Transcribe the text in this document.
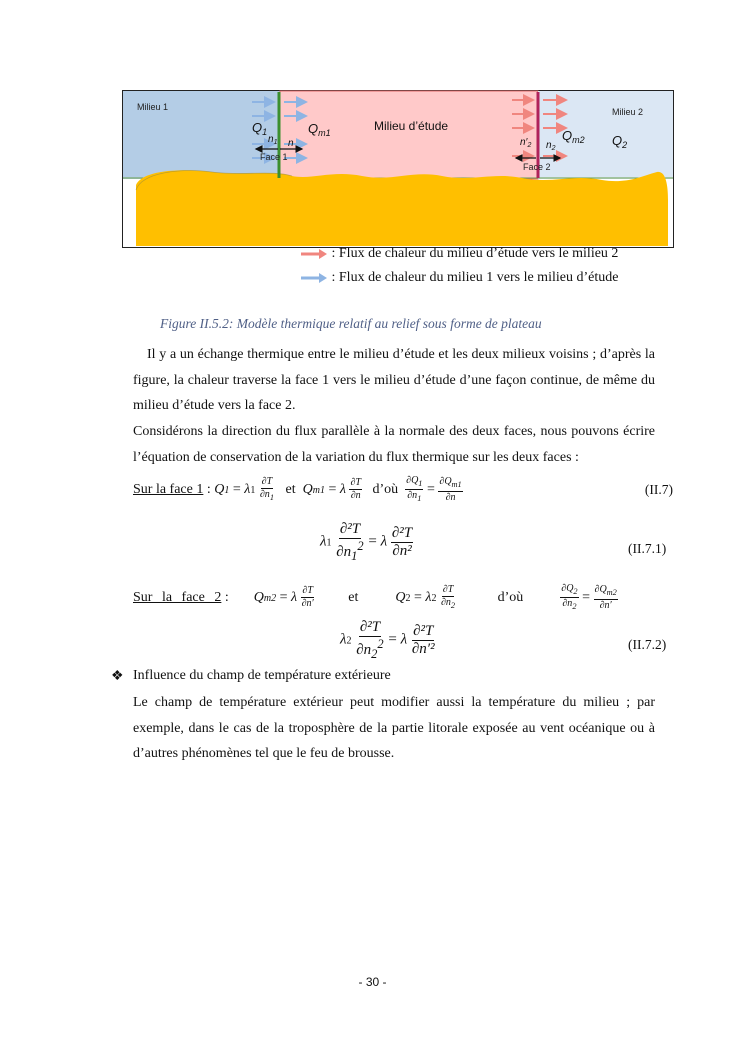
Milieu 1	Milieu 2
Milieu d’étude
Face 1
Face 2
$Q_1$	$Q_{m1}$	$Q_{m2}$ $Q_2$
$n_1$ n	$n'_2$ $n_2$
: Flux de chaleur du milieu d’étude vers le milieu 2
: Flux de chaleur du milieu 1 vers le milieu d’étude
Figure II.5.2: Modèle thermique relatif au relief sous forme de plateau
Il y a un échange thermique entre le milieu d’étude et les deux milieux voisins ; d’après la figure, la chaleur traverse la face 1 vers le milieu d’étude d’une façon continue, de même du milieu d’étude vers la face 2.
Considérons la direction du flux parallèle à la normale des deux faces, nous pouvons écrire l’équation de conservation de la variation du flux thermique sur les deux faces :
Sur la face 1 : $Q1 = \lambda 1 \frac{\partial T}{\partial n_1}$ et Qm1 = λ $\frac{\partial T}{\partial n}$ d’où $\frac{\partial Q_1}{\partial n_1} = \frac{\partial Q_{m1}}{\partial n}$	(II.7)
$\lambda 1 \frac{\text{∂²T}}{\partial n_1^2} = \lambda \frac{\text{∂²T}}{\text{∂n²}}$	(II.7.1)
Sur la face 2 : Qm2 = λ $\frac{\partial T}{\partial n'}$ et	$Q2 = \lambda 2 \frac{\partial T}{\partial n_2}$	d’où	$\frac{\partial Q_2}{\partial n_2} = \frac{\partial Q_{m2}}{\partial n'}$
$\lambda 2 \frac{\text{∂²T}}{\partial n_2^2} = \lambda \frac{\text{∂²T}}{\text{∂n′²}}$	(II.7.2)
❖ Influence du champ de température extérieure
Le champ de température extérieur peut modifier aussi la température du milieu ; par exemple, dans le cas de la troposphère de la partie litorale exposée au vent océanique ou à d’autres phénomènes tel que le feu de brousse.
- 30 -
